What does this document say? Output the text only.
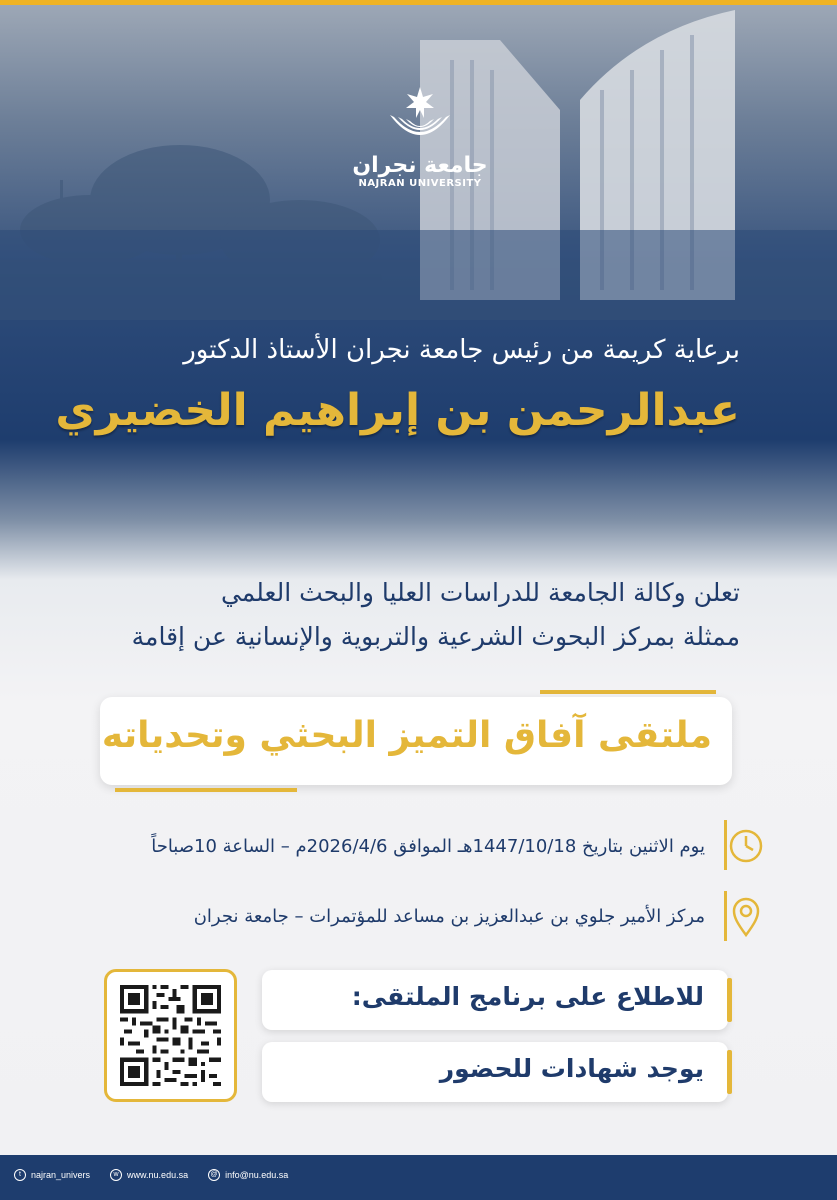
جامعة نجران
NAJRAN UNIVERSITY
برعاية كريمة من رئيس جامعة نجران الأستاذ الدكتور
عبدالرحمن بن إبراهيم الخضيري
تعلن وكالة الجامعة للدراسات العليا والبحث العلمي
ممثلة بمركز البحوث الشرعية والتربوية والإنسانية عن إقامة
ملتقى آفاق التميز البحثي وتحدياته
يوم الاثنين بتاريخ 1447/10/18هـ الموافق 2026/4/6م – الساعة 10صباحاً
مركز الأمير جلوي بن عبدالعزيز بن مساعد للمؤتمرات – جامعة نجران
للاطلاع على برنامج الملتقى:
يوجد شهادات للحضور
t	najran_univers	w www.nu.edu.sa	@ info@nu.edu.sa
